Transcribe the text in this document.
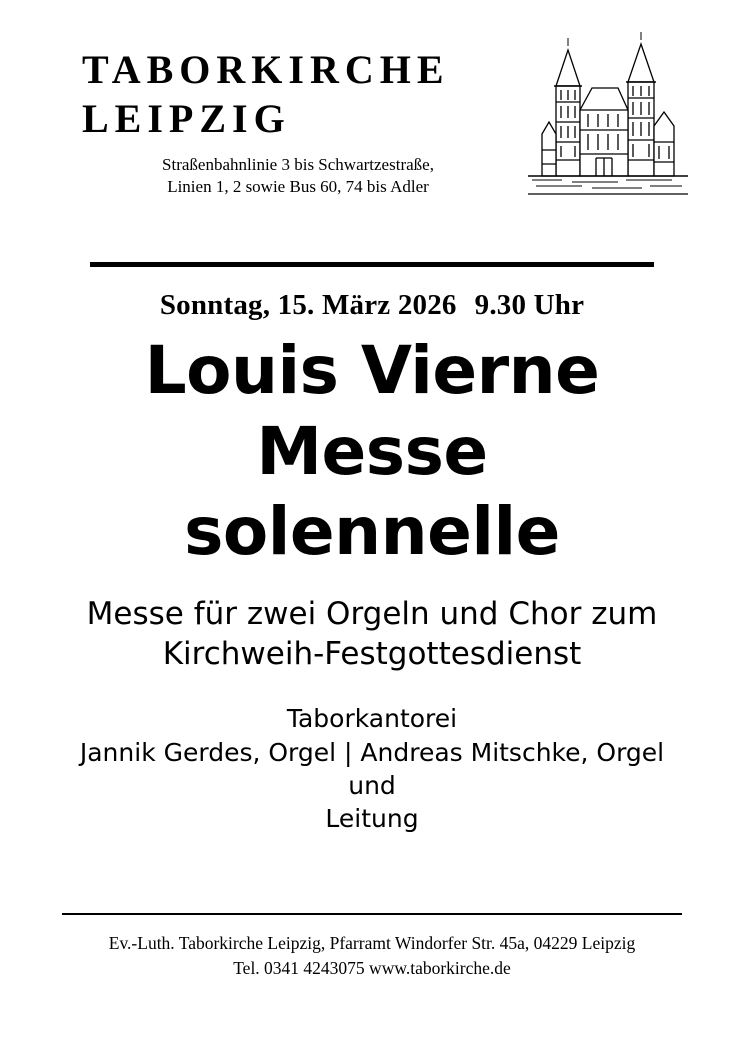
TABORKIRCHE
LEIPZIG
Straßenbahnlinie 3 bis Schwartzestraße,
Linien 1, 2 sowie Bus 60, 74 bis Adler
Sonntag, 15. März 2026 9.30 Uhr
Louis Vierne
Messe
solennelle
Messe für zwei Orgeln und Chor zum
Kirchweih-Festgottesdienst
Taborkantorei
Jannik Gerdes, Orgel | Andreas Mitschke, Orgel und
Leitung
Ev.-Luth. Taborkirche Leipzig, Pfarramt Windorfer Str. 45a, 04229 Leipzig
Tel. 0341 4243075 www.taborkirche.de
